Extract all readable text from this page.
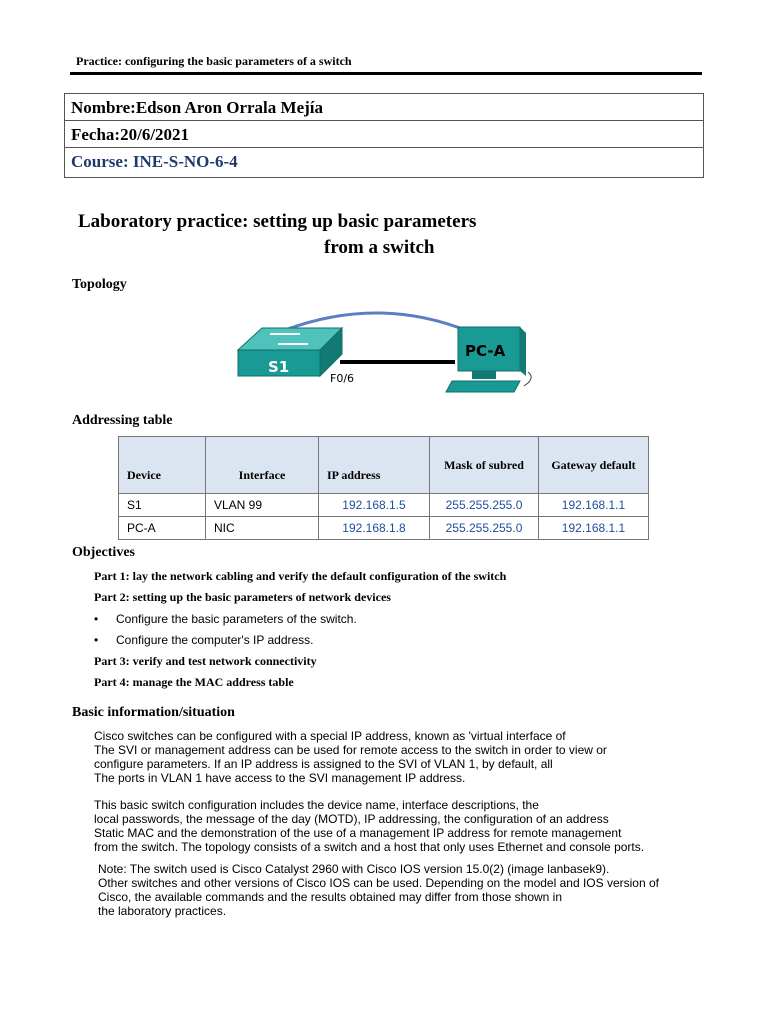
Practice: configuring the basic parameters of a switch
Nombre:Edson Aron Orrala Mejía
Fecha:20/6/2021
Course: INE-S-NO-6-4
Laboratory practice: setting up basic parameters
from a switch
Topology
S1
F0/6
PC-A
Addressing table
Device	Interface	IP address	Mask of subred	Gateway default
S1	VLAN 99	192.168.1.5	255.255.255.0	192.168.1.1
PC-A	NIC	192.168.1.8	255.255.255.0	192.168.1.1
Objectives
Part 1: lay the network cabling and verify the default configuration of the switch
Part 2: setting up the basic parameters of network devices
• Configure the basic parameters of the switch.
• Configure the computer's IP address.
Part 3: verify and test network connectivity
Part 4: manage the MAC address table
Basic information/situation
Cisco switches can be configured with a special IP address, known as 'virtual interface of
The SVI or management address can be used for remote access to the switch in order to view or
configure parameters. If an IP address is assigned to the SVI of VLAN 1, by default, all
The ports in VLAN 1 have access to the SVI management IP address.
This basic switch configuration includes the device name, interface descriptions, the
local passwords, the message of the day (MOTD), IP addressing, the configuration of an address
Static MAC and the demonstration of the use of a management IP address for remote management
from the switch. The topology consists of a switch and a host that only uses Ethernet and console ports.
Note: The switch used is Cisco Catalyst 2960 with Cisco IOS version 15.0(2) (image lanbasek9).
Other switches and other versions of Cisco IOS can be used. Depending on the model and IOS version of
Cisco, the available commands and the results obtained may differ from those shown in
the laboratory practices.
